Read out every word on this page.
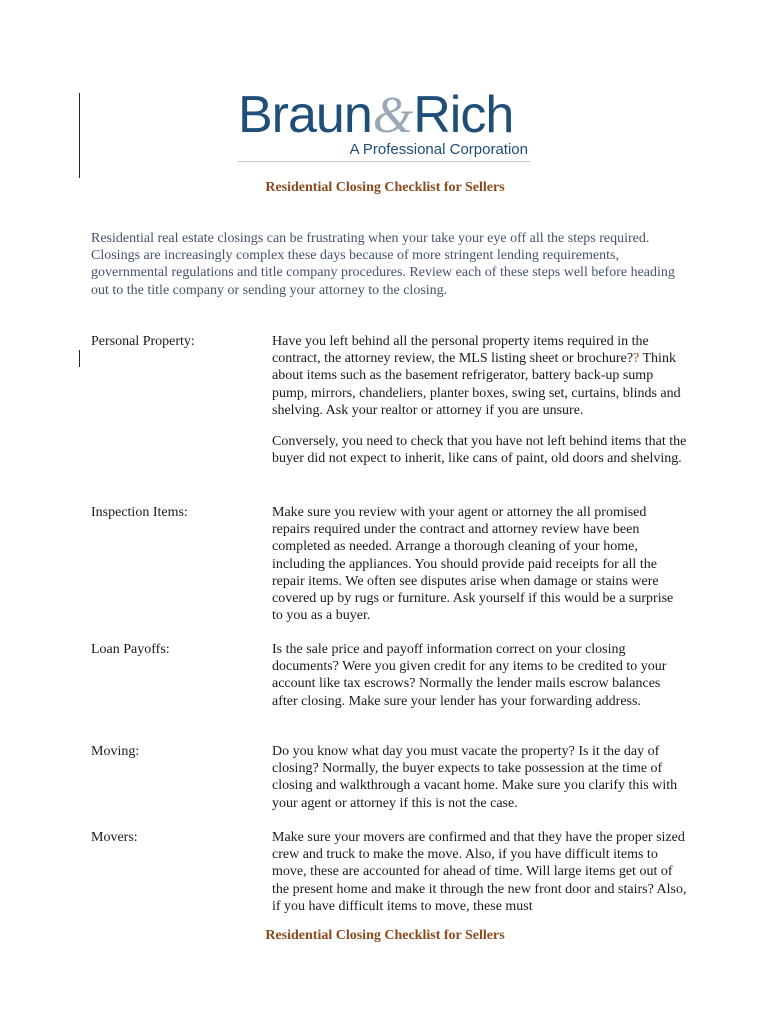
Braun&Rich
A Professional Corporation
Residential Closing Checklist for Sellers
Residential real estate closings can be frustrating when your take your eye off all the steps required. Closings are increasingly complex these days because of more stringent lending requirements, governmental regulations and title company procedures. Review each of these steps well before heading out to the title company or sending your attorney to the closing.
Personal Property:	Have you left behind all the personal property items required in the contract, the attorney review, the MLS listing sheet or brochure?? Think about items such as the basement refrigerator, battery back-up sump pump, mirrors, chandeliers, planter boxes, swing set, curtains, blinds and shelving. Ask your realtor or attorney if you are unsure.

Conversely, you need to check that you have not left behind items that the buyer did not expect to inherit, like cans of paint, old doors and shelving.

Inspection Items:	Make sure you review with your agent or attorney the all promised repairs required under the contract and attorney review have been completed as needed. Arrange a thorough cleaning of your home, including the appliances. You should provide paid receipts for all the repair items. We often see disputes arise when damage or stains were covered up by rugs or furniture. Ask yourself if this would be a surprise to you as a buyer.

Loan Payoffs:	Is the sale price and payoff information correct on your closing documents? Were you given credit for any items to be credited to your account like tax escrows? Normally the lender mails escrow balances after closing. Make sure your lender has your forwarding address.

Moving:	Do you know what day you must vacate the property? Is it the day of closing? Normally, the buyer expects to take possession at the time of closing and walkthrough a vacant home. Make sure you clarify this with your agent or attorney if this is not the case.

Movers:	Make sure your movers are confirmed and that they have the proper sized crew and truck to make the move. Also, if you have difficult items to move, these are accounted for ahead of time. Will large items get out of the present home and make it through the new front door and stairs? Also, if you have difficult items to move, these must

Residential Closing Checklist for Sellers
